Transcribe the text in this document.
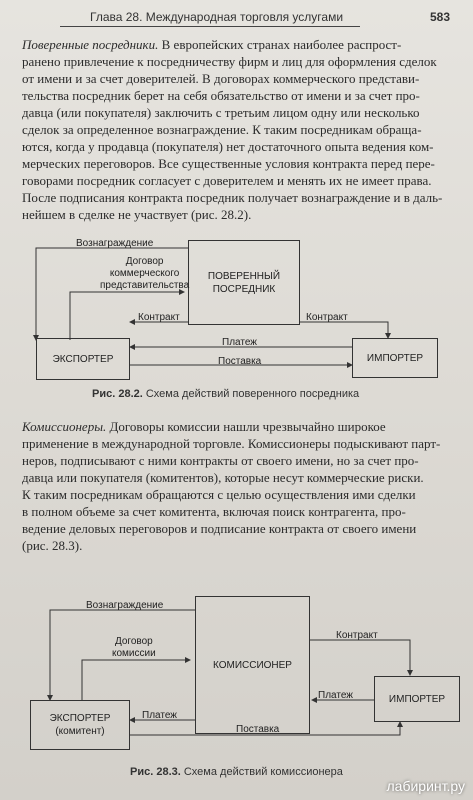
Глава 28. Международная торговля услугами	583
Поверенные посредники. В европейских странах наиболее распрост-
ранено привлечение к посредничеству фирм и лиц для оформления сделок
от имени и за счет доверителей. В договорах коммерческого представи-
тельства посредник берет на себя обязательство от имени и за счет про-
давца (или покупателя) заключить с третьим лицом одну или несколько
сделок за определенное вознаграждение. К таким посредникам обраща-
ются, когда у продавца (покупателя) нет достаточного опыта ведения ком-
мерческих переговоров. Все существенные условия контракта перед пере-
говорами посредник согласует с доверителем и менять их не имеет права.
После подписания контракта посредник получает вознаграждение и в даль-
нейшем в сделке не участвует (рис. 28.2).
ПОВЕРЕННЫЙ
ПОСРЕДНИК
ЭКСПОРТЕР	ИМПОРТЕР
Вознаграждение
Договор
коммерческого
представительства
Контракт	Контракт
Платеж
Поставка
КОМИССИОНЕР
ЭКСПОРТЕР
(комитент)
ИМПОРТЕР
Вознаграждение
Договор
комиссии
Контракт
Платеж
Платеж
Поставка
Рис. 28.2. Схема действий поверенного посредника
Комиссионеры. Договоры комиссии нашли чрезвычайно широкое
применение в международной торговле. Комиссионеры подыскивают парт-
неров, подписывают с ними контракты от своего имени, но за счет про-
давца или покупателя (комитентов), которые несут коммерческие риски.
К таким посредникам обращаются с целью осуществления ими сделки
в полном объеме за счет комитента, включая поиск контрагента, про-
ведение деловых переговоров и подписание контракта от своего имени
(рис. 28.3).
Рис. 28.3. Схема действий комиссионера
лабиринт.ру
